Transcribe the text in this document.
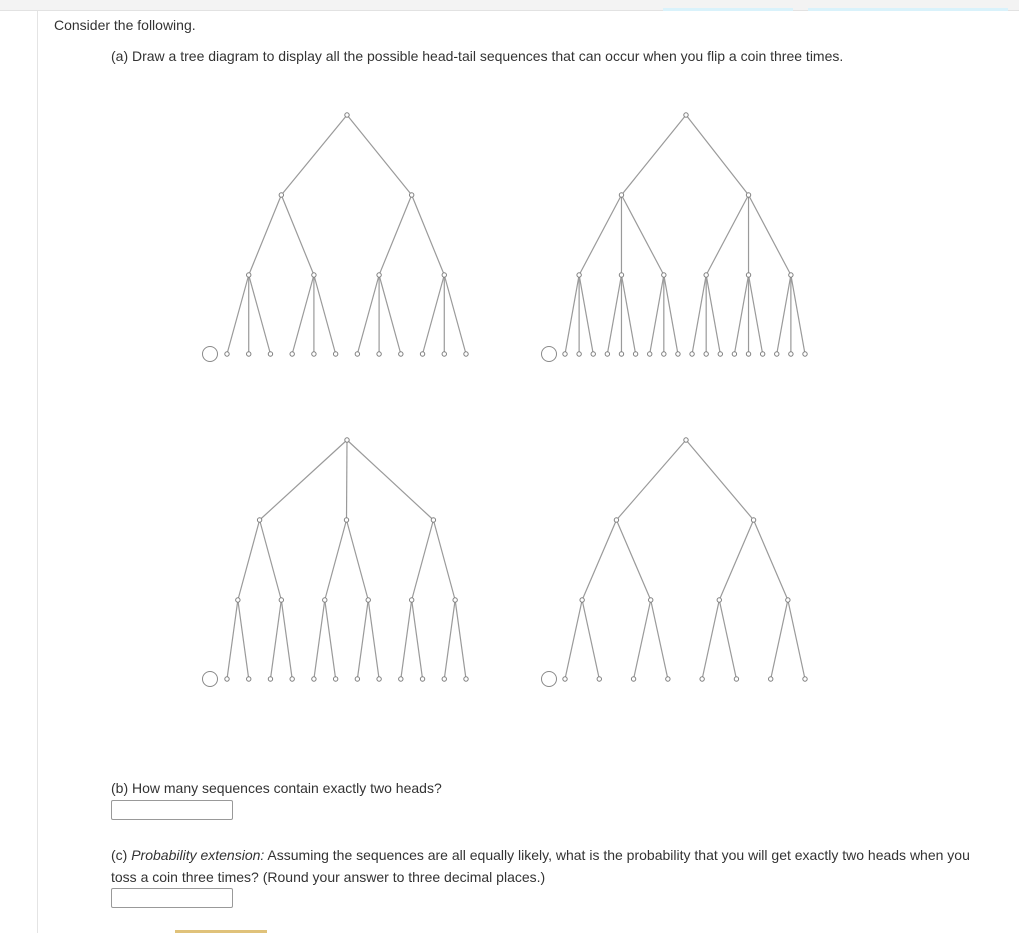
Consider the following.
(a) Draw a tree diagram to display all the possible head-tail sequences that can occur when you flip a coin three times.
(b) How many sequences contain exactly two heads?
(c) Probability extension: Assuming the sequences are all equally likely, what is the probability that you will get exactly two heads when you toss a coin three times? (Round your answer to three decimal places.)
